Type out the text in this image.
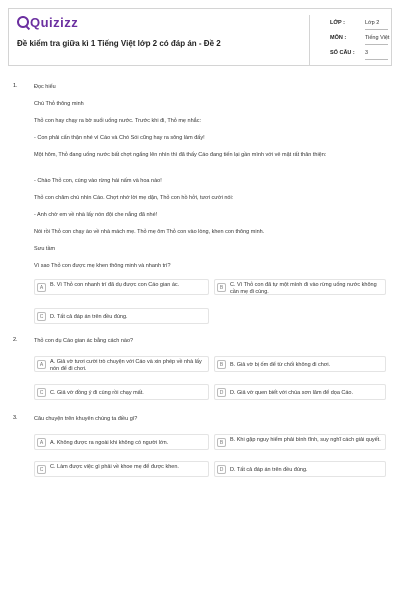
Quizizz
Đề kiểm tra giữa kì 1 Tiếng Việt lớp 2 có đáp án - Đề 2
LỚP :	Lớp 2
MÔN :	Tiếng Việt
SỐ CÂU : 3
1.	Đọc hiểu
Chú Thỏ thông minh
Thỏ con hay chạy ra bờ suối uống nước. Trước khi đi, Thỏ mẹ nhắc:
- Con phải cẩn thận nhé vì Cáo và Chó Sói cũng hay ra sông làm đấy!
Một hôm, Thỏ đang uống nước bất chợt ngẩng lên nhìn thì đã thấy Cáo đang tiến lại gần mình với vẻ mặt rất thân thiện:
- Chào Thỏ con, cùng vào rừng hái nấm và hoa nào!
Thỏ con chăm chú nhìn Cáo. Chợt nhớ lời mẹ dặn, Thỏ con hồ hởi, tươi cười nói:
- Anh chờ em về nhà lấy nón đội che nắng đã nhé!
Nói rồi Thỏ con chạy ào về nhà mách mẹ. Thỏ mẹ ôm Thỏ con vào lòng, khen con thông minh.
Sưu tầm
Vì sao Thỏ con được mẹ khen thông minh và nhanh trí?
A	B. Vì Thỏ con nhanh trí đã dụ được con Cáo gian ác.	B	C. Vì Thỏ con đã tự một mình đi vào rừng uống nước không cần mẹ đi cùng.
C	D. Tất cả đáp án trên đều đúng.
2.	Thỏ con dụ Cáo gian ác bằng cách nào?
A	A. Giả vờ tươi cười trò chuyện với Cáo và xin phép về nhà lấy nón để đi chơi.
B	B. Giả vờ bị ốm để từ chối không đi chơi.
C	C. Giả vờ đồng ý đi cùng rồi chạy mất.	D	D. Giả vờ quen biết với chúa sơn lâm để dọa Cáo.
3.	Câu chuyện trên khuyên chúng ta điều gì?
A	A. Không được ra ngoài khi không có người lớn.	B	B. Khi gặp nguy hiểm phải bình tĩnh, suy nghĩ cách giải quyết.
C	C. Làm được việc gì phải về khoe mẹ để được khen.	D	D. Tất cả đáp án trên đều đúng.
